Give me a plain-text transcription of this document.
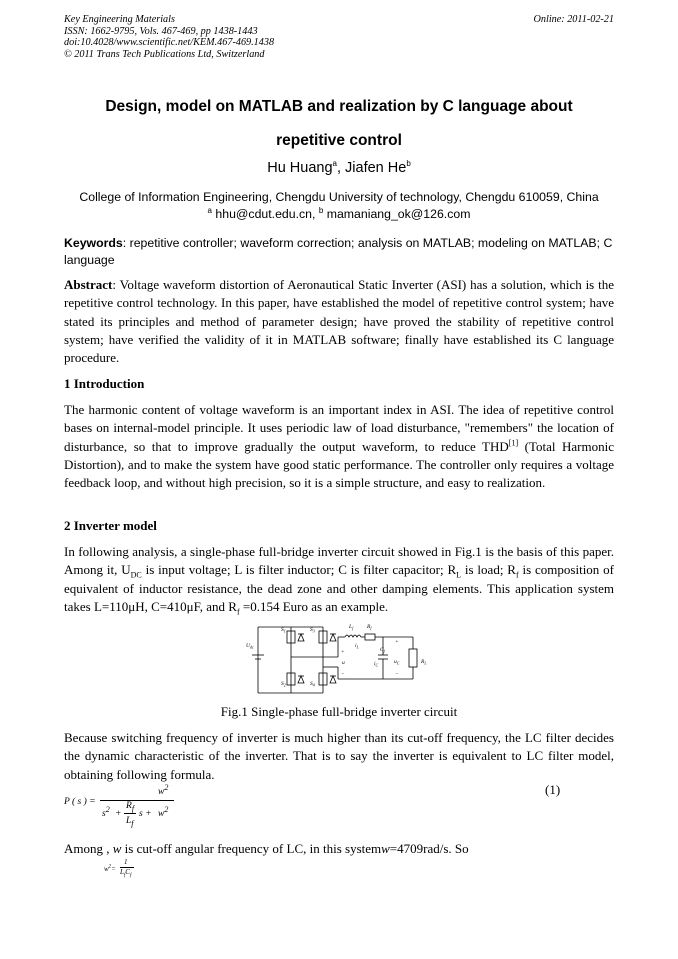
Key Engineering Materials
ISSN: 1662-9795, Vols. 467-469, pp 1438-1443
doi:10.4028/www.scientific.net/KEM.467-469.1438
© 2011 Trans Tech Publications Ltd, Switzerland
Online: 2011-02-21
Design, model on MATLAB and realization by C language about
repetitive control
Hu Huang$^a$, Jiafen He$^b$
College of Information Engineering, Chengdu University of technology, Chengdu 610059, China
$^a$ hhu@cdut.edu.cn, $^b$ mamaniang_ok@126.com
Keywords: repetitive controller; waveform correction; analysis on MATLAB; modeling on MATLAB; C language
Abstract: Voltage waveform distortion of Aeronautical Static Inverter (ASI) has a solution, which is the repetitive control technology. In this paper, have established the model of repetitive control system; have stated its principles and method of parameter design; have proved the stability of repetitive control system; have verified the validity of it in MATLAB software; finally have established its C language procedure.
1 Introduction
The harmonic content of voltage waveform is an important index in ASI. The idea of repetitive control bases on internal-model principle. It uses periodic law of load disturbance, "remembers" the location of disturbance, so that to improve gradually the output waveform, to reduce THD[1] (Total Harmonic Distortion), and to make the system have good static performance. The controller only requires a voltage feedback loop, and without high precision, so it is a simple structure, and easy to realization.
2 Inverter model
In following analysis, a single-phase full-bridge inverter circuit showed in Fig.1 is the basis of this paper. Among it, $U_{DC}$ is input voltage; L is filter inductor; C is filter capacitor; $R_L$ is load; $R_f$ is composition of equivalent of inductor resistance, the dead zone and other damping elements. This application system takes L=110μH, C=410μF, and $R_f =0.154$ Euro as an example.
$U_{dc}$
$S_1$	$S_3$
$S_2$	$S_4$
$L_f$	$R_f$
$i_L$	$C_f$
$i_C$
u	$u_C$	$R_L$
+
−
+
−
Fig.1 Single-phase full-bridge inverter circuit
Because switching frequency of inverter is much higher than its cut-off frequency, the LC filter decides the dynamic characteristic of the inverter. That is to say the inverter is equivalent to LC filter model, obtaining following formula.
P ( s ) =
$w^2$
$s^2$ +
$R_f$
$L_f$
$s + w^2$
(1)
Among , w is cut-off angular frequency of LC, in this systemw=4709rad/s. So
$w^2=$
1
$L_fC_f$
